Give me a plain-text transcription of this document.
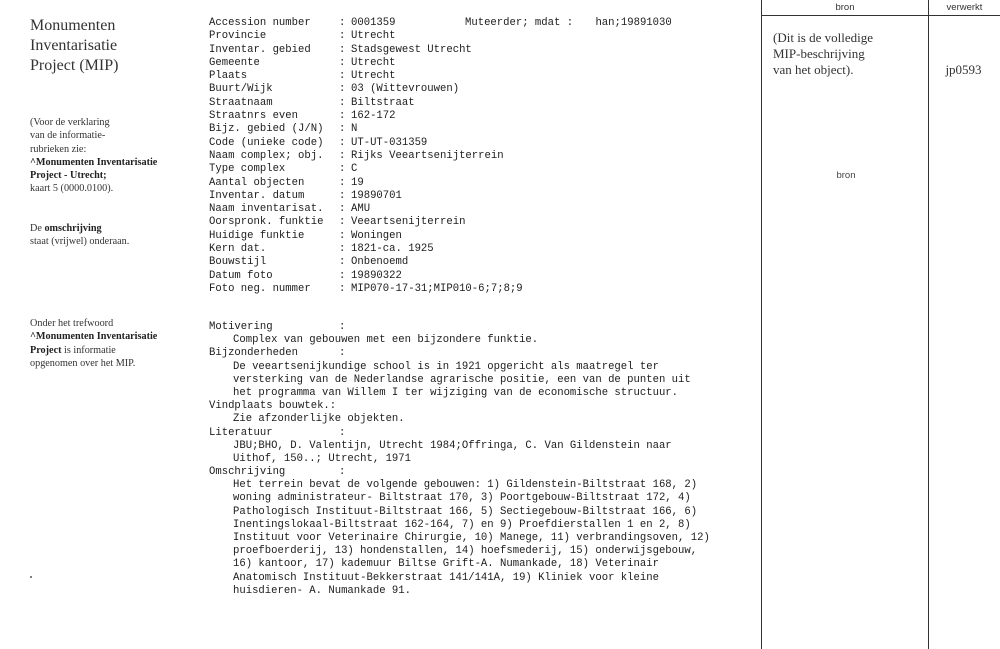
Monumenten
Inventarisatie
Project (MIP)
(Voor de verklaring
van de informatie-
rubrieken zie:
^Monumenten Inventarisatie
Project - Utrecht;
kaart 5 (0000.0100).
De omschrijving
staat (vrijwel) onderaan.
Onder het trefwoord
^Monumenten Inventarisatie
Project is informatie
opgenomen over het MIP.
Accession number	: 0001359
Provincie	: Utrecht
Inventar. gebied	: Stadsgewest Utrecht
Gemeente	: Utrecht
Plaats	: Utrecht
Buurt/Wijk	: 03 (Wittevrouwen)
Straatnaam	: Biltstraat
Straatnrs even	: 162-172
Bijz. gebied (J/N) : N
Code (unieke code) : UT-UT-031359
Naam complex; obj. : Rijks Veeartsenijterrein
Type complex	: C
Aantal objecten	: 19
Inventar. datum	: 19890701
Naam inventarisat. : AMU
Oorspronk. funktie : Veeartsenijterrein
Huidige funktie	: Woningen
Kern dat.	: 1821-ca. 1925
Bouwstijl	: Onbenoemd
Datum foto	: 19890322
Foto neg. nummer	: MIP070-17-31;MIP010-6;7;8;9
Muteerder; mdat : han;19891030
Motivering	:
Complex van gebouwen met een bijzondere funktie.
Bijzonderheden	:
De veeartsenijkundige school is in 1921 opgericht als maatregel ter
versterking van de Nederlandse agrarische positie, een van de punten uit
het programma van Willem I ter wijziging van de economische structuur.
Vindplaats bouwtek.:
Zie afzonderlijke objekten.
Literatuur	:
JBU;BHO, D. Valentijn, Utrecht 1984;Offringa, C. Van Gildenstein naar
Uithof, 150..; Utrecht, 1971
Omschrijving	:
Het terrein bevat de volgende gebouwen: 1) Gildenstein-Biltstraat 168, 2)
woning administrateur- Biltstraat 170, 3) Poortgebouw-Biltstraat 172, 4)
Pathologisch Instituut-Biltstraat 166, 5) Sectiegebouw-Biltstraat 166, 6)
Inentingslokaal-Biltstraat 162-164, 7) en 9) Proefdierstallen 1 en 2, 8)
Instituut voor Veterinaire Chirurgie, 10) Manege, 11) verbrandingsoven, 12)
proefboerderij, 13) hondenstallen, 14) hoefsmederij, 15) onderwijsgebouw,
16) kantoor, 17) kademuur Biltse Grift-A. Numankade, 18) Veterinair
Anatomisch Instituut-Bekkerstraat 141/141A, 19) Kliniek voor kleine
huisdieren- A. Numankade 91.
bron	verwerkt
(Dit is de volledige
MIP-beschrijving
van het object).	jp0593
bron
